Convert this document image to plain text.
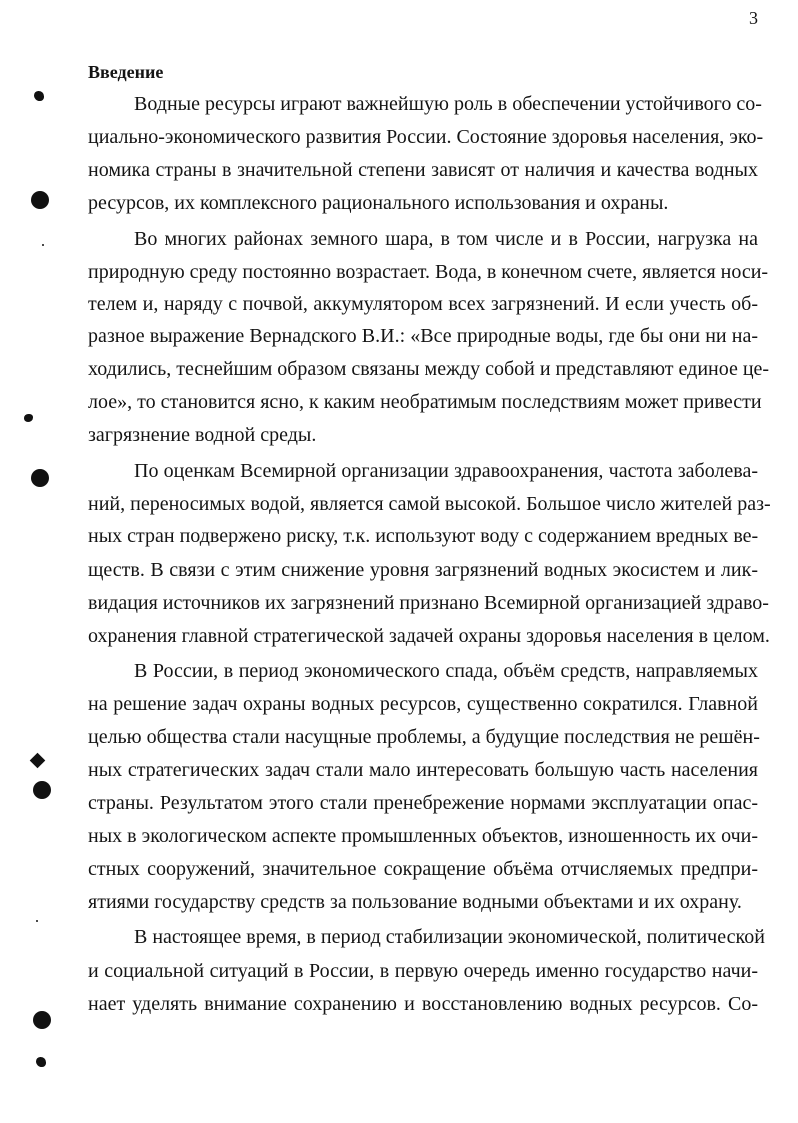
3
Введение
Водные ресурсы играют важнейшую роль в обеспечении устойчивого со-
циально-экономического развития России. Состояние здоровья населения, эко-
номика страны в значительной степени зависят от наличия и качества водных
ресурсов, их комплексного рационального использования и охраны.
Во многих районах земного шара, в том числе и в России, нагрузка на
природную среду постоянно возрастает. Вода, в конечном счете, является носи-
телем и, наряду с почвой, аккумулятором всех загрязнений. И если учесть об-
разное выражение Вернадского В.И.: «Все природные воды, где бы они ни на-
ходились, теснейшим образом связаны между собой и представляют единое це-
лое», то становится ясно, к каким необратимым последствиям может привести
загрязнение водной среды.
По оценкам Всемирной организации здравоохранения, частота заболева-
ний, переносимых водой, является самой высокой. Большое число жителей раз-
ных стран подвержено риску, т.к. используют воду с содержанием вредных ве-
ществ. В связи с этим снижение уровня загрязнений водных экосистем и лик-
видация источников их загрязнений признано Всемирной организацией здраво-
охранения главной стратегической задачей охраны здоровья населения в целом.
В России, в период экономического спада, объём средств, направляемых
на решение задач охраны водных ресурсов, существенно сократился. Главной
целью общества стали насущные проблемы, а будущие последствия не решён-
ных стратегических задач стали мало интересовать большую часть населения
страны. Результатом этого стали пренебрежение нормами эксплуатации опас-
ных в экологическом аспекте промышленных объектов, изношенность их очи-
стных сооружений, значительное сокращение объёма отчисляемых предпри-
ятиями государству средств за пользование водными объектами и их охрану.
В настоящее время, в период стабилизации экономической, политической
и социальной ситуаций в России, в первую очередь именно государство начи-
нает уделять внимание сохранению и восстановлению водных ресурсов. Со-
